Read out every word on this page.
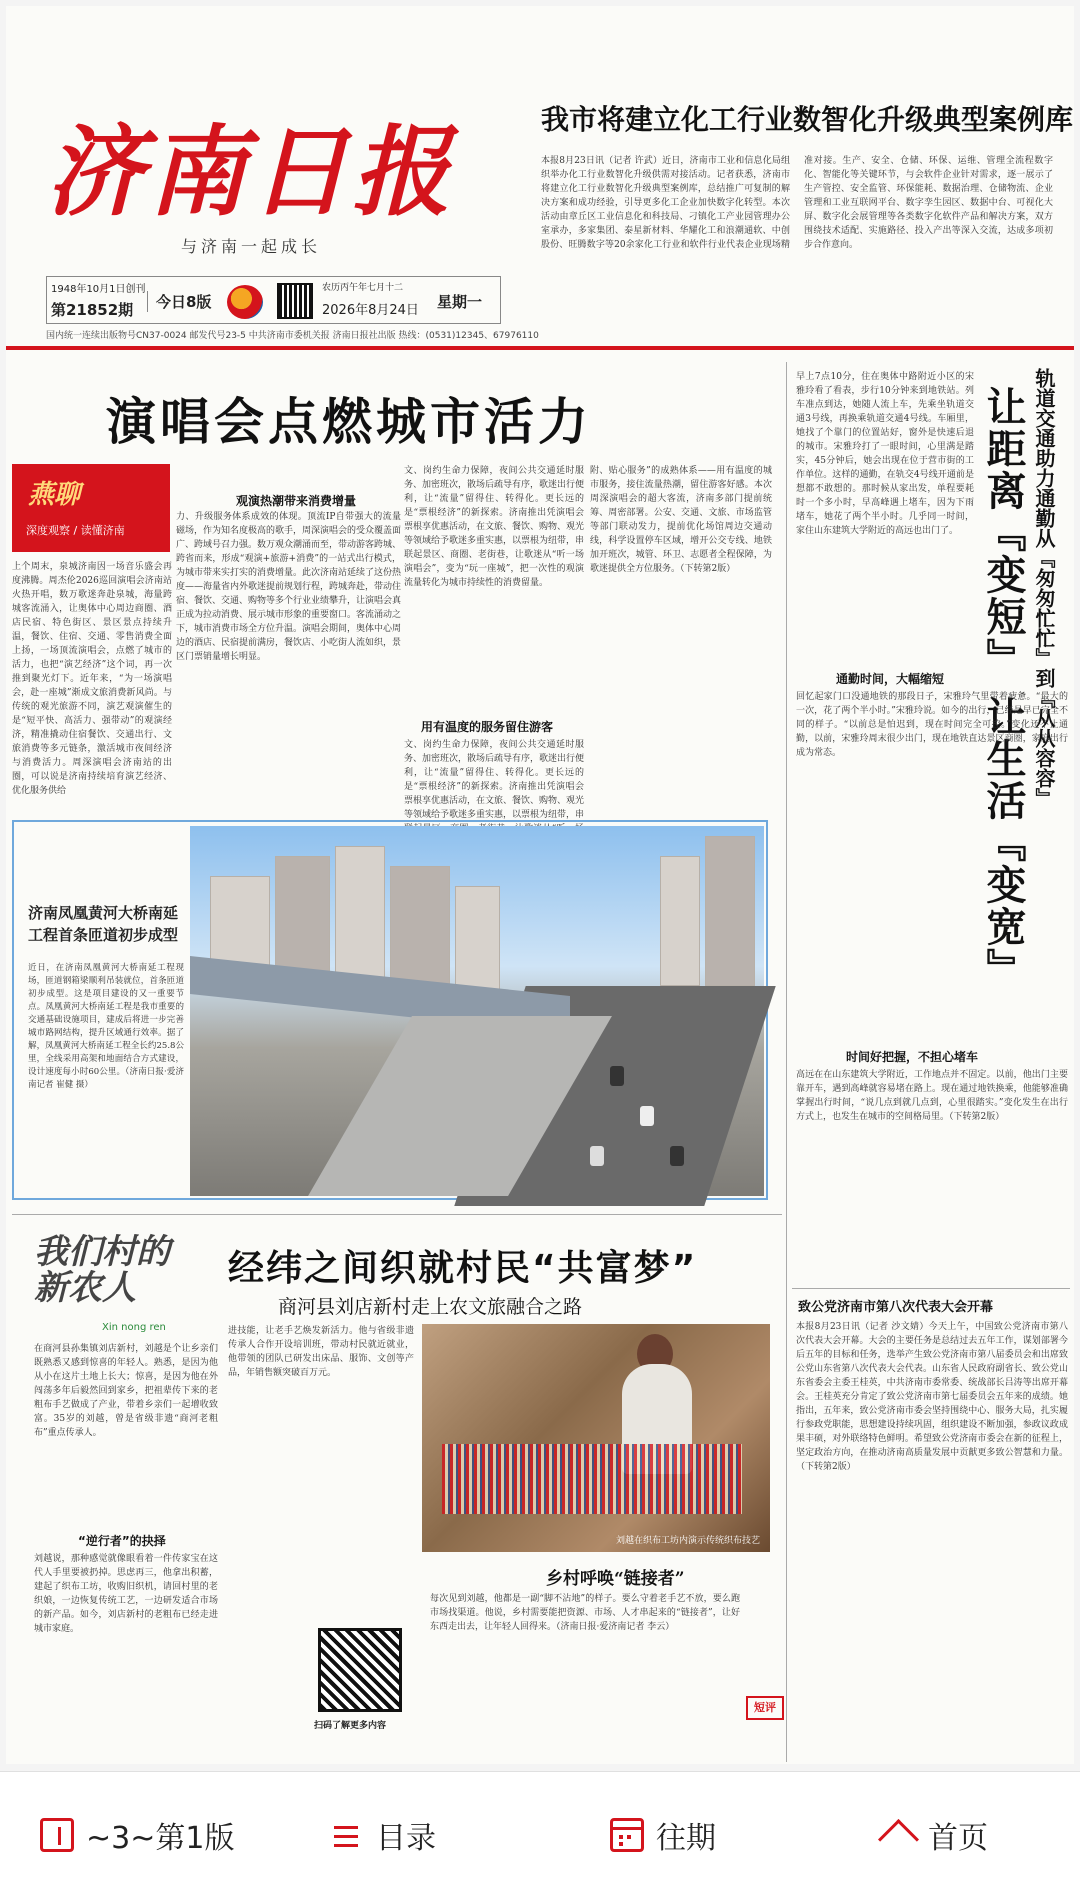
济南日报
与济南一起成长
1948年10月1日创刊
第21852期	今日8版
农历丙午年七月十二
2026年8月24日 星期一
国内统一连续出版物号CN37-0024 邮发代号23-5 中共济南市委机关报 济南日报社出版 热线：(0531)12345、67976110
我市将建立化工行业数智化升级典型案例库
本报8月23日讯（记者 许武）近日，济南市工业和信息化局组织举办化工行业数智化升级供需对接活动。记者获悉，济南市将建立化工行业数智化升级典型案例库，总结推广可复制的解决方案和成功经验，引导更多化工企业加快数字化转型。本次活动由章丘区工业信息化和科技局、刁镇化工产业园管理办公室承办，多家集团、泰星新材料、华耀化工和浪潮通软、中创股份、旺腾数字等20余家化工行业和软件行业代表企业现场精准对接。生产、安全、仓储、环保、运维、管理全流程数字化、智能化等关键环节，与会软件企业针对需求，逐一展示了生产管控、安全监管、环保能耗、数据治理、仓储物流、企业管理和工业互联网平台、数字孪生园区、数据中台、可视化大屏、数字化会展管理等各类数字化软件产品和解决方案，双方围绕技术适配、实施路径、投入产出等深入交流，达成多项初步合作意向。
演唱会点燃城市活力
燕聊
深度观察 / 读懂济南
上个周末，泉城济南因一场音乐盛会再度沸腾。周杰伦2026巡回演唱会济南站火热开唱，数万歌迷奔赴泉城，海量跨城客流涌入，让奥体中心周边商圈、酒店民宿、特色街区、景区景点持续升温，餐饮、住宿、交通、零售消费全面上扬，一场顶流演唱会，点燃了城市的活力，也把“演艺经济”这个词，再一次推到聚光灯下。近年来，“为一场演唱会，赴一座城”渐成文旅消费新风尚。与传统的观光旅游不同，演艺观演催生的是“短平快、高活力、强带动”的观演经济，精准撬动住宿餐饮、交通出行、文旅消费等多元链条，激活城市夜间经济与消费活力。周深演唱会济南站的出圈，可以说是济南持续培育演艺经济、优化服务供给
观演热潮带来消费增量
力、升级服务体系成效的体现。顶流IP自带强大的流量磁场，作为知名度极高的歌手，周深演唱会的受众覆盖面广、跨域号召力强。数万观众潮涌而至，带动游客跨城、跨省而来，形成“观演+旅游+消费”的一站式出行模式，为城市带来实打实的消费增量。此次济南站延续了这份热度——海量省内外歌迷提前规划行程，跨城奔赴，带动住宿、餐饮、交通、购物等多个行业业绩攀升，让演唱会真正成为拉动消费、展示城市形象的重要窗口。客流涌动之下，城市消费市场全方位升温。演唱会期间，奥体中心周边的酒店、民宿提前满房，餐饮店、小吃街人流如织，景区门票销量增长明显。
文、岗约生命力保障，夜间公共交通延时服务、加密班次，散场后疏导有序，歌迷出行便利，让“流量”留得住、转得化。更长远的是“票根经济”的新探索。济南推出凭演唱会票根享优惠活动，在文旅、餐饮、购物、观光等领域给予歌迷多重实惠，以票根为纽带，串联起景区、商圈、老街巷，让歌迷从“听一场演唱会”，变为“玩一座城”，把一次性的观演流量转化为城市持续性的消费留量。
用有温度的服务留住游客
文、岗约生命力保障，夜间公共交通延时服务、加密班次，散场后疏导有序，歌迷出行便利，让“流量”留得住、转得化。更长远的是“票根经济”的新探索。济南推出凭演唱会票根享优惠活动，在文旅、餐饮、购物、观光等领域给予歌迷多重实惠，以票根为纽带，串
附、贴心服务”的成熟体系——用有温度的城市服务，接住流量热潮，留住游客好感。本次周深演唱会的超大客流，济南多部门提前统筹、周密部署。公安、交通、文旅、市场监管等部门联动发力，提前优化场馆周边交通动线，科学设置停车区域，增开公交专线、地铁加开班次，城管、环卫、志愿者全程保障，为歌迷提供全方位服务。（下转第2版）
济南凤凰黄河大桥南延工程首条匝道初步成型
近日，在济南凤凰黄河大桥南延工程现场，匝道钢箱梁顺利吊装就位，首条匝道初步成型。这是项目建设的又一重要节点。凤凰黄河大桥南延工程是我市重要的交通基础设施项目，建成后将进一步完善城市路网结构，提升区域通行效率。据了解，凤凰黄河大桥南延工程全长约25.8公里，全线采用高架和地面结合方式建设，设计速度每小时60公里。（济南日报·爱济南记者 崔健 摄）
轨道交通助力通勤从『匆匆忙忙』到『从从容容』
让距离『变短』 让生活『变宽』
早上7点10分，住在奥体中路附近小区的宋雅玲看了看表，步行10分钟来到地铁站。列车准点到达，她随人流上车，先乘坐轨道交通3号线，再换乘轨道交通4号线。车厢里，她找了个靠门的位置站好，窗外是快速后退的城市。宋雅玲打了一眼时间，心里满是踏实，45分钟后，她会出现在位于营市街的工作单位。这样的通勤，在轨交4号线开通前是想都不敢想的。那时候从家出发，单程要耗时一个多小时，早高峰遇上堵车，因为下雨堵车，她花了两个半小时。几乎同一时间，家住山东建筑大学附近的高远也出门了。
通勤时间，大幅缩短
回忆起家门口没通地铁的那段日子，宋雅玲气里带着疲惫。“最大的一次，花了两个半小时。”宋雅玲说。如今的出行，已经是早已完全不同的样子。“以前总是怕迟到，现在时间完全可控。”变化还不止通勤，以前，宋雅玲周末很少出门，现在地铁直达景区商圈，家庭出行成为常态。
时间好把握，不担心堵车
高远在在山东建筑大学附近，工作地点并不固定。以前，他出门主要靠开车，遇到高峰就容易堵在路上。现在通过地铁换乘，他能够准确掌握出行时间，“说几点到就几点到，心里很踏实。”变化发生在出行方式上，也发生在城市的空间格局里。（下转第2版）
我们村的新农人
Xin nong ren
经纬之间织就村民“共富梦”
商河县刘店新村走上农文旅融合之路
在商河县孙集镇刘店新村，刘越是个让乡亲们既熟悉又感到惊喜的年轻人。熟悉，是因为他从小在这片土地上长大；惊喜，是因为他在外闯荡多年后毅然回到家乡，把祖辈传下来的老粗布手艺做成了产业，带着乡亲们一起增收致富。35岁的刘越，曾是省级非遗“商河老粗布”重点传承人。
“逆行者”的抉择
刘越说，那种感觉就像眼看着一件传家宝在这代人手里要被扔掉。思虑再三，他拿出积蓄，建起了织布工坊，收购旧织机，请回村里的老织娘，一边恢复传统工艺，一边研发适合市场的新产品。如今，刘店新村的老粗布已经走进城市家庭。
进技能，让老手艺焕发新活力。他与省级非遗传承人合作开设培训班，带动村民就近就业，他带领的团队已研发出床品、服饰、文创等产品，年销售额突破百万元。
刘越在织布工坊内演示传统织布技艺
扫码了解更多内容
乡村呼唤“链接者”
每次见到刘越，他都是一副“脚不沾地”的样子。要么守着老手艺不放，要么跑市场找渠道。他说，乡村需要能把资源、市场、人才串起来的“链接者”，让好东西走出去，让年轻人回得来。（济南日报·爱济南记者 李云）
短评
致公党济南市第八次代表大会开幕
本报8月23日讯（记者 沙文婧）今天上午，中国致公党济南市第八次代表大会开幕。大会的主要任务是总结过去五年工作，谋划部署今后五年的目标和任务，选举产生致公党济南市第八届委员会和出席致公党山东省第八次代表大会代表。山东省人民政府副省长、致公党山东省委会主委王桂英，中共济南市委常委、统战部长吕涛等出席开幕会。王桂英充分肯定了致公党济南市第七届委员会五年来的成绩。她指出，五年来，致公党济南市委会坚持围绕中心、服务大局，扎实履行参政党职能，思想建设持续巩固，组织建设不断加强，参政议政成果丰硕，对外联络特色鲜明。希望致公党济南市委会在新的征程上，坚定政治方向，在推动济南高质量发展中贡献更多致公智慧和力量。（下转第2版）
~3~第1版	目录	往期	首页
